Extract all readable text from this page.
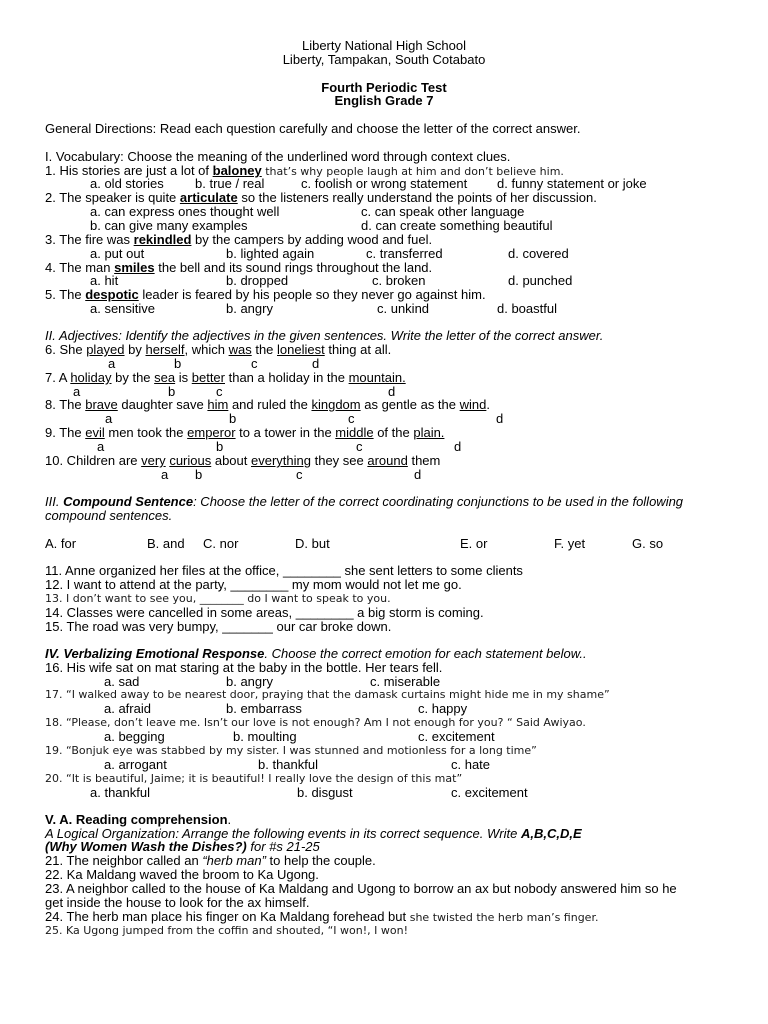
Liberty National High School
Liberty, Tampakan, South Cotabato
Fourth Periodic Test
English Grade 7
General Directions: Read each question carefully and choose the letter of the correct answer.
I. Vocabulary: Choose the meaning of the underlined word through context clues.
1. His stories are just a lot of baloney that’s why people laugh at him and don’t believe him.
a. old stories b. true / real	c. foolish or wrong statement d. funny statement or joke
2. The speaker is quite articulate so the listeners really understand the points of her discussion.
a. can express ones thought well	c. can speak other language
b. can give many examples	d. can create something beautiful
3. The fire was rekindled by the campers by adding wood and fuel.
a. put out	b. lighted again	c. transferred	d. covered
4. The man smiles the bell and its sound rings throughout the land.
a. hit	b. dropped	c. broken	d. punched
5. The despotic leader is feared by his people so they never go against him.
a. sensitive	b. angry	c. unkind	d. boastful
II. Adjectives: Identify the adjectives in the given sentences. Write the letter of the correct answer.
6. She played by herself, which was the loneliest thing at all.
a	b	c	d
7. A holiday by the sea is better than a holiday in the mountain.
a	b	c	d
8. The brave daughter save him and ruled the kingdom as gentle as the wind.
a	b	c	d
9. The evil men took the emperor to a tower in the middle of the plain.
a	b	c	d
10. Children are very curious about everything they see around them
a b	c	d
III. Compound Sentence: Choose the letter of the correct coordinating conjunctions to be used in the following
compound sentences.
A. for	B. and C. nor	D. but	E. or	F. yet	G. so
11. Anne organized her files at the office, ________ she sent letters to some clients
12. I want to attend at the party, ________ my mom would not let me go.
13. I don’t want to see you, ________ do I want to speak to you.
14. Classes were cancelled in some areas, ________ a big storm is coming.
15. The road was very bumpy, _______ our car broke down.
IV. Verbalizing Emotional Response. Choose the correct emotion for each statement below..
16. His wife sat on mat staring at the baby in the bottle. Her tears fell.
a. sad	b. angry	c. miserable
17. “I walked away to be nearest door, praying that the damask curtains might hide me in my shame”
a. afraid	b. embarrass	c. happy
18. “Please, don’t leave me. Isn’t our love is not enough? Am I not enough for you? “ Said Awiyao.
a. begging	b. moulting	c. excitement
19. “Bonjuk eye was stabbed by my sister. I was stunned and motionless for a long time”
a. arrogant	b. thankful	c. hate
20. “It is beautiful, Jaime; it is beautiful! I really love the design of this mat”
a. thankful	b. disgust	c. excitement
V. A. Reading comprehension.
A Logical Organization: Arrange the following events in its correct sequence. Write A,B,C,D,E
(Why Women Wash the Dishes?) for #s 21-25
21. The neighbor called an “herb man” to help the couple.
22. Ka Maldang waved the broom to Ka Ugong.
23. A neighbor called to the house of Ka Maldang and Ugong to borrow an ax but nobody answered him so he
get inside the house to look for the ax himself.
24. The herb man place his finger on Ka Maldang forehead but she twisted the herb man’s finger.
25. Ka Ugong jumped from the coffin and shouted, “I won!, I won!
